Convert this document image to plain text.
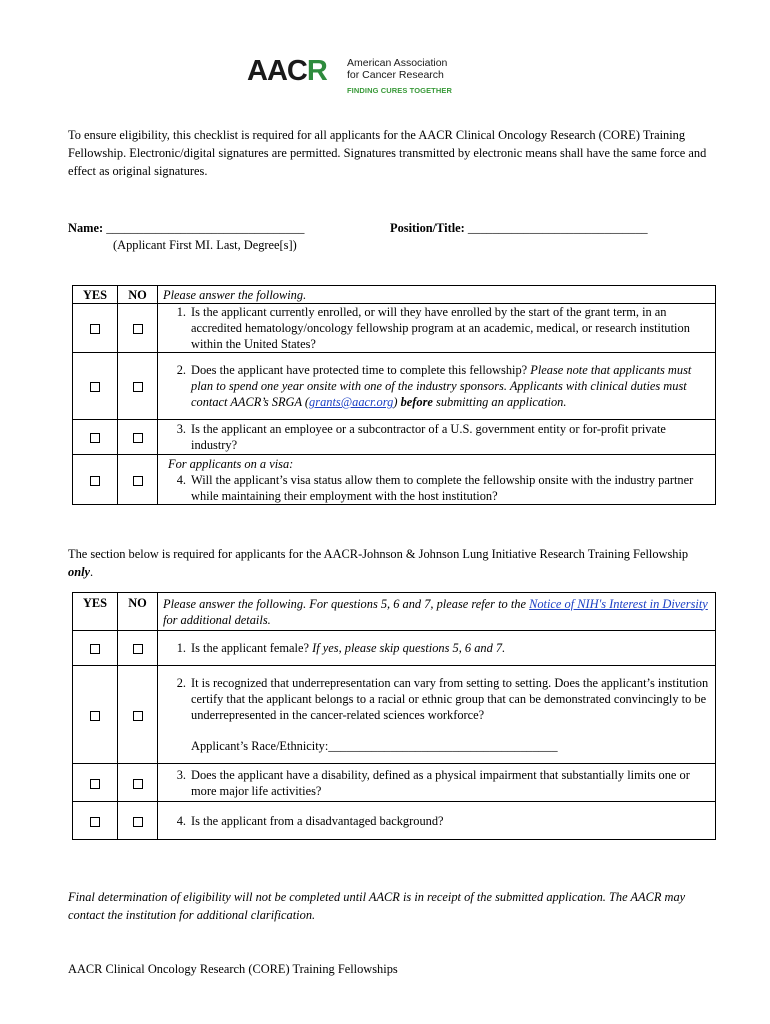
AACR American Association
for Cancer Research
FINDING CURES TOGETHER
To ensure eligibility, this checklist is required for all applicants for the AACR Clinical Oncology Research (CORE) Training Fellowship. Electronic/digital signatures are permitted. Signatures transmitted by electronic means shall have the same force and effect as original signatures.
Name: ________________________________
(Applicant First MI. Last, Degree[s])
Position/Title: _____________________________
YES	NO	Please answer the following.

		1. Is the applicant currently enrolled, or will they have enrolled by the start of the grant term, in an accredited hematology/oncology fellowship program at an academic, medical, or research institution within the United States?

		2. Does the applicant have protected time to complete this fellowship? Please note that applicants must plan to spend one year onsite with one of the industry sponsors. Applicants with clinical duties must contact AACR’s SRGA (grants@aacr.org) before submitting an application.

		3. Is the applicant an employee or a subcontractor of a U.S. government entity or for-profit private industry?

		For applicants on a visa:
4. Will the applicant’s visa status allow them to complete the fellowship onsite with the industry partner while maintaining their employment with the host institution?
The section below is required for applicants for the AACR-Johnson & Johnson Lung Initiative Research Training Fellowship only.
YES	NO	Please answer the following. For questions 5, 6 and 7, please refer to the Notice of NIH's Interest in Diversity for additional details.

		1. Is the applicant female? If yes, please skip questions 5, 6 and 7.

		2. It is recognized that underrepresentation can vary from setting to setting. Does the applicant’s institution certify that the applicant belongs to a racial or ethnic group that can be demonstrated convincingly to be underrepresented in the cancer-related sciences workforce?
Applicant’s Race/Ethnicity:_____________________________________

		3. Does the applicant have a disability, defined as a physical impairment that substantially limits one or more major life activities?

		4. Is the applicant from a disadvantaged background?
Final determination of eligibility will not be completed until AACR is in receipt of the submitted application. The AACR may contact the institution for additional clarification.
AACR Clinical Oncology Research (CORE) Training Fellowships
